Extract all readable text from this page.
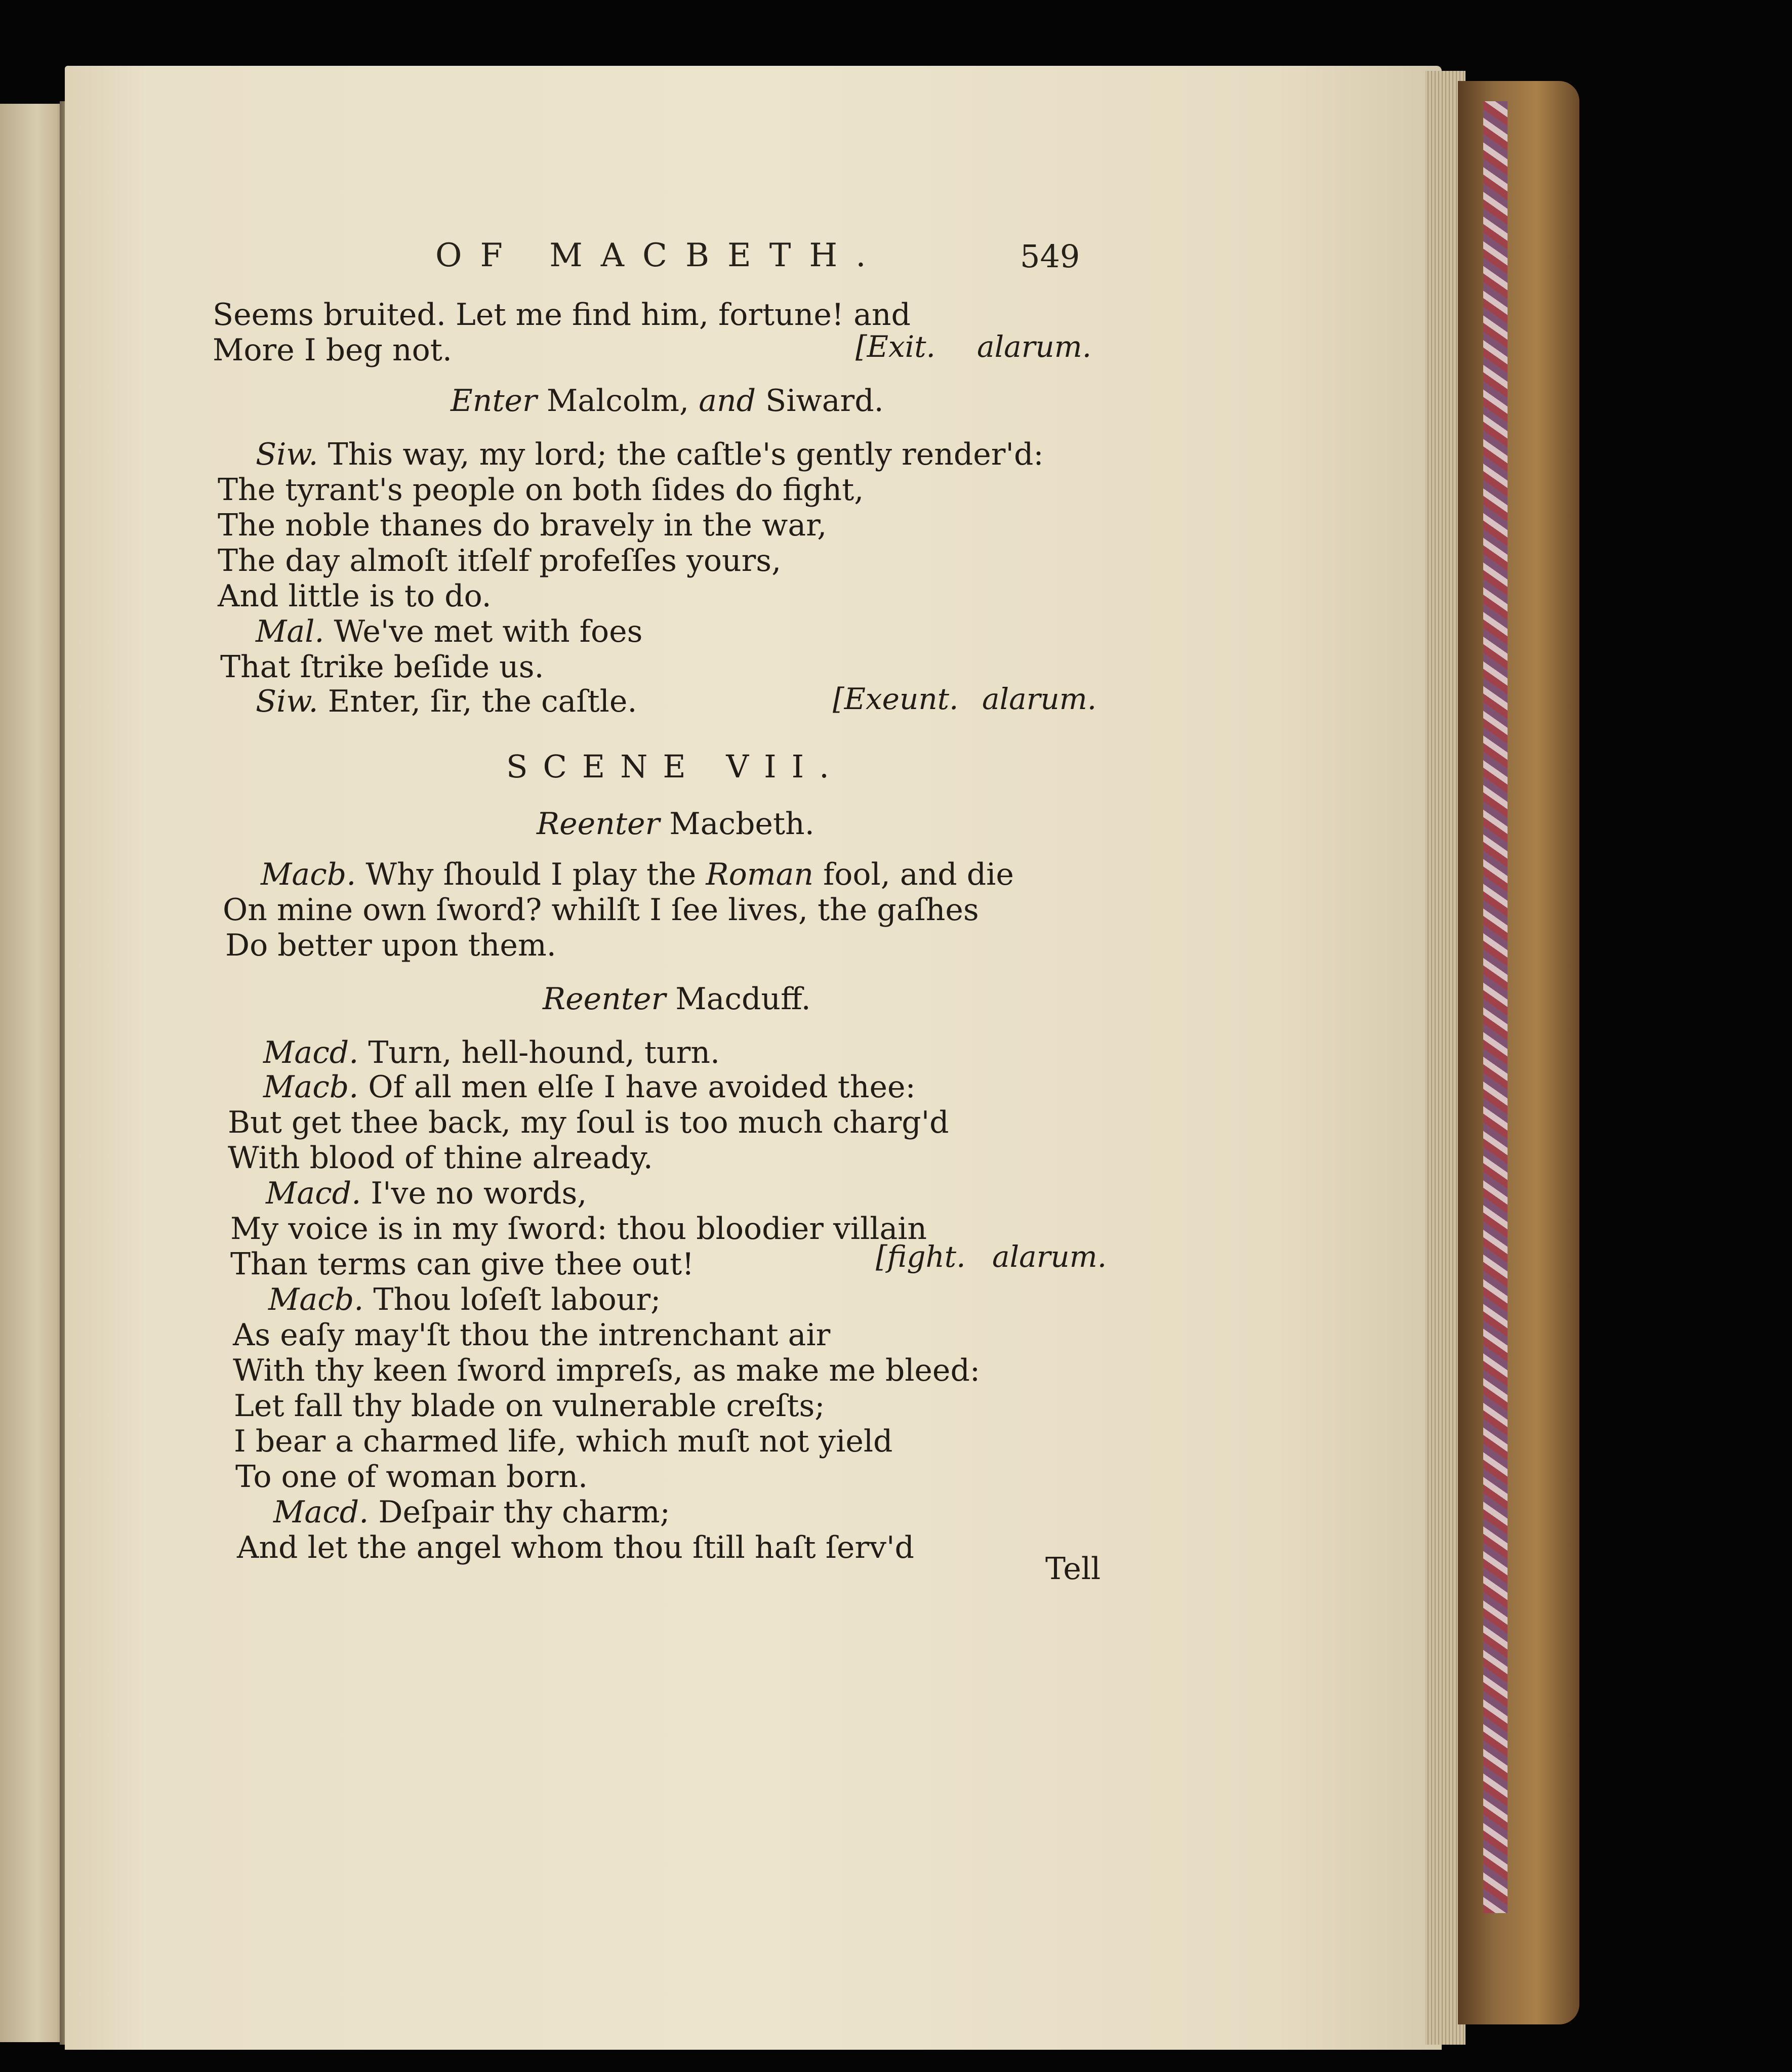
OF MACBETH.	549
Seems bruited. Let me find him, fortune! and
More I beg not.	[Exit. alarum.
Enter Malcolm, and Siward.
Siw. This way, my lord; the caſtle's gently render'd:
The tyrant's people on both ſides do fight,
The noble thanes do bravely in the war,
The day almoſt itſelf profeſſes yours,
And little is to do.
Mal. We've met with foes
That ſtrike beſide us.
Siw. Enter, ſir, the caſtle.	[Exeunt. alarum.
SCENE VII.
Reenter Macbeth.
Macb. Why ſhould I play the Roman fool, and die
On mine own ſword? whilſt I ſee lives, the gaſhes
Do better upon them.
Reenter Macduff.
Macd. Turn, hell-hound, turn.
Macb. Of all men elſe I have avoided thee:
But get thee back, my ſoul is too much charg'd
With blood of thine already.
Macd. I've no words,
My voice is in my ſword: thou bloodier villain
Than terms can give thee out!	[fight. alarum.
Macb. Thou loſeſt labour;
As eaſy may'ſt thou the intrenchant air
With thy keen ſword impreſs, as make me bleed:
Let fall thy blade on vulnerable creſts;
I bear a charmed life, which muſt not yield
To one of woman born.
Macd. Deſpair thy charm;
And let the angel whom thou ſtill haſt ſerv'd
Tell
